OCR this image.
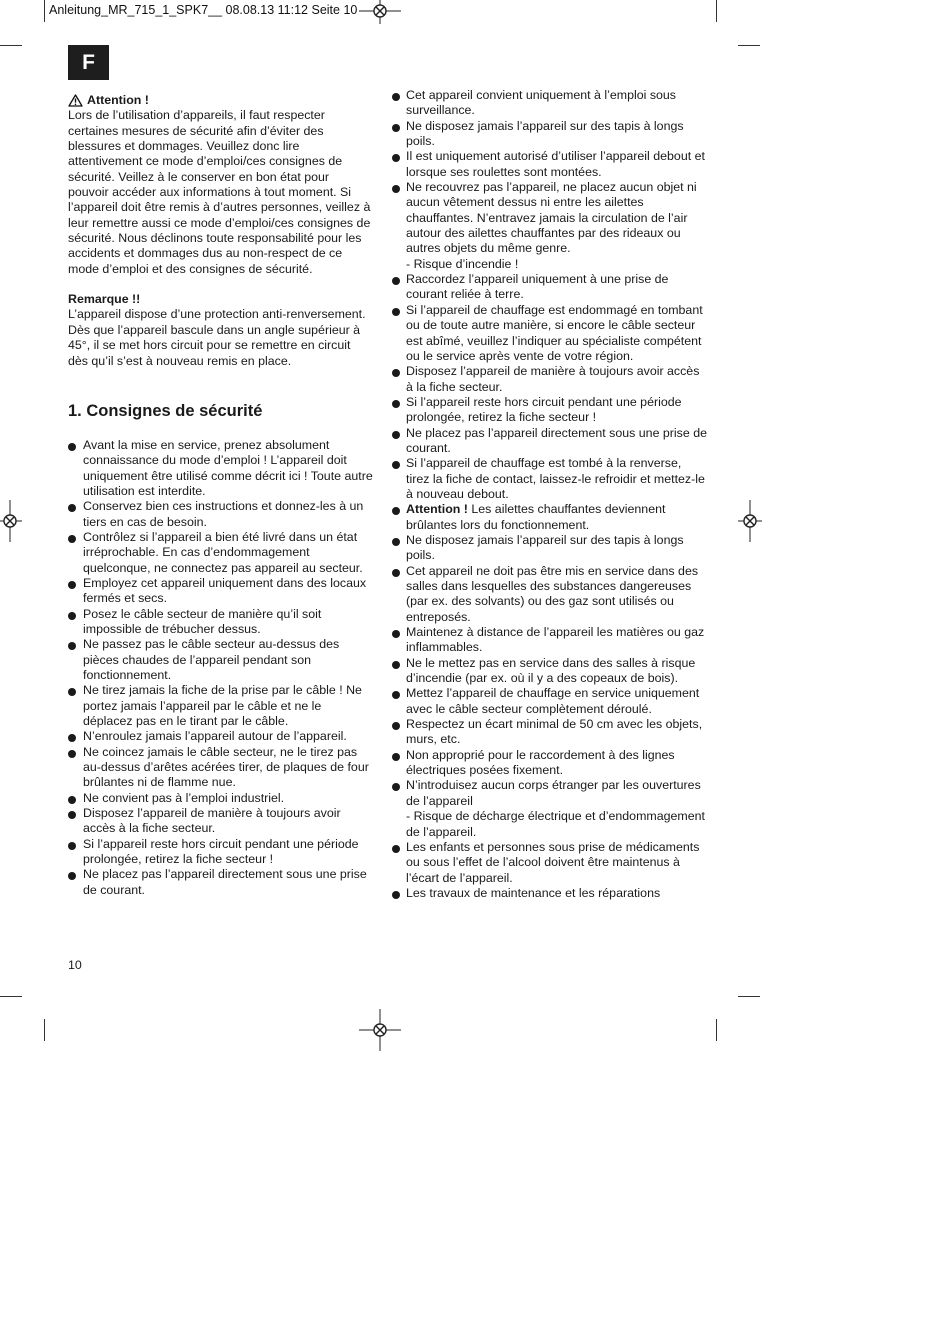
Anleitung_MR_715_1_SPK7__ 08.08.13 11:12 Seite 10
F
Attention !

Lors de l’utilisation d’appareils, il faut respecter certaines mesures de sécurité afin d’éviter des blessures et dommages. Veuillez donc lire attentivement ce mode d’emploi/ces consignes de sécurité. Veillez à le conserver en bon état pour pouvoir accéder aux informations à tout moment. Si l’appareil doit être remis à d’autres personnes, veillez à leur remettre aussi ce mode d’emploi/ces consignes de sécurité. Nous déclinons toute responsabilité pour les accidents et dommages dus au non-respect de ce mode d’emploi et des consignes de sécurité.

Remarque !!

L’appareil dispose d’une protection anti-renversement. Dès que l’appareil bascule dans un angle supérieur à 45°, il se met hors circuit pour se remettre en circuit dès qu’il s’est à nouveau remis en place.

1. Consignes de sécurité
Avant la mise en service, prenez absolument connaissance du mode d’emploi ! L’appareil doit uniquement être utilisé comme décrit ici ! Toute autre utilisation est interdite.
Conservez bien ces instructions et donnez-les à un tiers en cas de besoin.
Contrôlez si l’appareil a bien été livré dans un état irréprochable. En cas d’endommagement quelconque, ne connectez pas appareil au secteur.
Employez cet appareil uniquement dans des locaux fermés et secs.
Posez le câble secteur de manière qu’il soit impossible de trébucher dessus.
Ne passez pas le câble secteur au-dessus des pièces chaudes de l’appareil pendant son fonctionnement.
Ne tirez jamais la fiche de la prise par le câble ! Ne portez jamais l’appareil par le câble et ne le déplacez pas en le tirant par le câble.
N’enroulez jamais l’appareil autour de l’appareil.
Ne coincez jamais le câble secteur, ne le tirez pas au-dessus d’arêtes acérées tirer, de plaques de four brûlantes ni de flamme nue.
Ne convient pas à l’emploi industriel.
Disposez l’appareil de manière à toujours avoir accès à la fiche secteur.
Si l’appareil reste hors circuit pendant une période prolongée, retirez la fiche secteur !
Ne placez pas l’appareil directement sous une prise de courant.
Cet appareil convient uniquement à l’emploi sous surveillance.
Ne disposez jamais l’appareil sur des tapis à longs poils.
Il est uniquement autorisé d’utiliser l’appareil debout et lorsque ses roulettes sont montées.
Ne recouvrez pas l’appareil, ne placez aucun objet ni aucun vêtement dessus ni entre les ailettes chauffantes. N’entravez jamais la circulation de l’air autour des ailettes chauffantes par des rideaux ou autres objets du même genre.
- Risque d’incendie !
Raccordez l’appareil uniquement à une prise de courant reliée à terre.
Si l’appareil de chauffage est endommagé en tombant ou de toute autre manière, si encore le câble secteur est abîmé, veuillez l’indiquer au spécialiste compétent ou le service après vente de votre région.
Disposez l’appareil de manière à toujours avoir accès à la fiche secteur.
Si l’appareil reste hors circuit pendant une période prolongée, retirez la fiche secteur !
Ne placez pas l’appareil directement sous une prise de courant.
Si l’appareil de chauffage est tombé à la renverse, tirez la fiche de contact, laissez-le refroidir et mettez-le à nouveau debout.
Attention ! Les ailettes chauffantes deviennent brûlantes lors du fonctionnement.
Ne disposez jamais l’appareil sur des tapis à longs poils.
Cet appareil ne doit pas être mis en service dans des salles dans lesquelles des substances dangereuses (par ex. des solvants) ou des gaz sont utilisés ou entreposés.
Maintenez à distance de l’appareil les matières ou gaz inflammables.
Ne le mettez pas en service dans des salles à risque d’incendie (par ex. où il y a des copeaux de bois).
Mettez l’appareil de chauffage en service uniquement avec le câble secteur complètement déroulé.
Respectez un écart minimal de 50 cm avec les objets, murs, etc.
Non approprié pour le raccordement à des lignes électriques posées fixement.
N’introduisez aucun corps étranger par les ouvertures de l’appareil
- Risque de décharge électrique et d’endommagement de l’appareil.
Les enfants et personnes sous prise de médicaments ou sous l’effet de l’alcool doivent être maintenus à l’écart de l’appareil.
Les travaux de maintenance et les réparations
10
